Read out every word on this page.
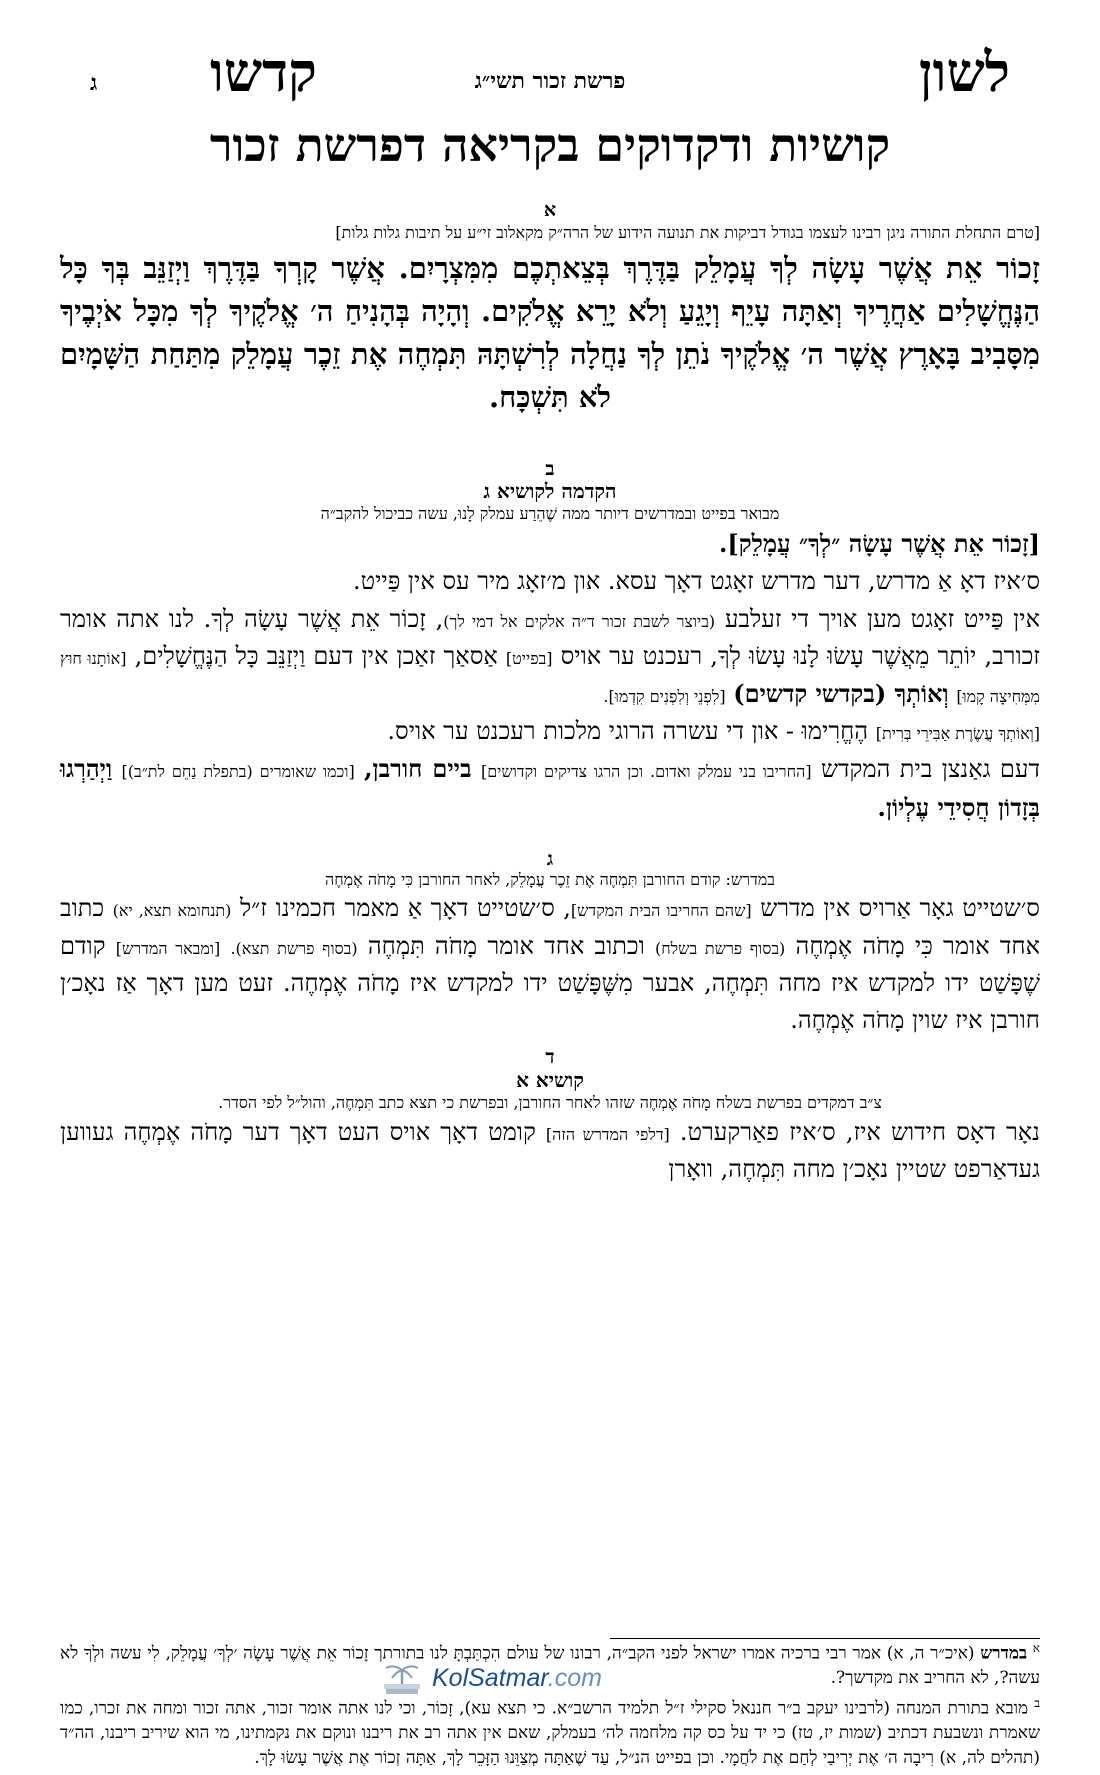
לשון
פרשת זכור תשי״ג
קדשו
ג
קושיות ודקדוקים בקריאה דפרשת זכור
א
[טרם התחלת התורה ניגן רבינו לעצמו בגודל דביקות את תנועה הידוע של הרה״ק מקאלוב זי״ע על תיבות גלות גלות]

זָכוֹר אֵת אֲשֶׁר עָשָׂה לְךָ עֲמָלֵק בַּדֶּרֶךְ בְּצֵאתְכֶם מִמִּצְרָיִם. אֲשֶׁר קָרְךָ בַּדֶּרֶךְ וַיְזַנֵּב בְּךָ כָּל הַנֶּחֱשָׁלִים אַחֲרֶיךָ וְאַתָּה עָיֵף וְיָגֵעַ וְלֹא יָרֵא אֱלֹקִים. וְהָיָה בְּהָנִיחַ ה׳ אֱלֹקֶיךָ לְךָ מִכָּל אֹיְבֶיךָ מִסָּבִיב בָּאָרֶץ אֲשֶׁר ה׳ אֱלֹקֶיךָ נֹתֵן לְךָ נַחֲלָה לְרִשְׁתָּהּ תִּמְחֶה אֶת זֵכֶר עֲמָלֵק מִתַּחַת הַשָּׁמָיִם לֹא תִּשְׁכָּח.

ב
הקדמה לקושיא ג
מבואר בפייט ובמדרשים דיותר ממה שֶׁהֵרַע עמלק לָנוּ, עשה כביכול להקב״ה

[זָכוֹר אֵת אֲשֶׁר עָשָׂה ״לְךָ״ עֲמָלֵק].

ס׳איז דאָ אַ מדרש, דער מדרש זאָגט דאָך עסא. און מ׳זאָג מיר עס אין פַּייט.

אין פַּייט זאָגט מען אויך די זעלבע (ביוצר לשבת זכור ד״ה אלקים אל דמי לך), זָכוֹר אֵת אֲשֶׁר עָשָׂה לְךָ. לנו אתה אומר זכורב, יוֹתֵר מֵאֲשֶׁר עָשׂוּ לָנוּ עָשׂוּ לְךָ, רעכנט ער אויס [בפייט] אַסאַך זאַכן אין דעם וַיְזַנֵּב כָּל הַנֶּחֱשָׁלִים, [אוֹתָנוּ חוּץ מִמְּחִיצָה קָמוּ] וְאוֹתְךָ (בקדשי קדשים) [לִפְנֵי וְלִפְנִים קִדְמוּ].

[וְאוֹתְךָ עֲשֶׂרֶת אַבִּירֵי בְּרִית] הֶחֱרִימוּ - און די עשרה הרוגי מלכות רעכנט ער אויס.

דעם גאַנצן בית המקדש [החריבו בני עמלק ואדום. וכן הרגו צדיקים וקדושים] ביים חורבן, [וכמו שאומרים (בתפלת נַחֵם לת״ב)] וַיְהַרְגוּ בְּזָדוֹן חֲסִידֵי עֶלְיוֹן.

ג
במדרש: קודם החורבן תִּמְחֶה אֶת זֵכֶר עֲמָלֵק, לאחר החורבן כִּי מָחֹה אֶמְחֶה

ס׳שטייט גאָר אַרויס אין מדרש [שהם החריבו הבית המקדש], ס׳שטייט דאָך אַ מאמר חכמינו ז״ל (תנחומא תצא, יא) כתוב אחד אומר כִּי מָחֹה אֶמְחֶה (בסוף פרשת בשלח) וכתוב אחד אומר מָחֹה תִּמְחֶה (בסוף פרשת תצא). [ומבאר המדרש] קודם שֶׁפָּשַׁט ידו למקדש איז מחה תִּמְחֶה, אבער מִשֶּׁפָּשַׁט ידו למקדש איז מָחֹה אֶמְחֶה. זעט מען דאָך אַז נאָכ׳ן חורבן איז שוין מָחֹה אֶמְחֶה.

ד
קושיא א
צ״ב דמקדים בפרשת בשלח מָחֹה אֶמְחֶה שזהו לאחר החורבן, ובפרשת כי תצא כתב תִּמְחֶה, והול״ל לפי הסדר.

נאָר דאָס חידוש איז, ס׳איז פאַרקערט. [דלפי המדרש הזה] קומט דאָך אויס העט דאָך דער מָחֹה אֶמְחֶה געווען געדאַרפט שטיין נאָכ׳ן מחה תִּמְחֶה, וואָרן

$^א$ במדרש (איכ״ר ה, א) אמר רבי ברכיה אמרו ישראל לפני הקב״ה, רבונו של עולם הִכְתַּבְתָּ לנו בתורתך זָכוֹר אֵת אֲשֶׁר עָשָׂה ׳לְךָ׳ עֲמָלֵק, לִי עשה ולְךָ לא עשה?, לא החריב את מקדשך?.

$^ב$ מובא בתורת המנחה (לרבינו יעקב ב״ר חננאל סקילי ז״ל תלמיד הרשב״א. כי תצא עא), זָכוֹר, וכי לנו אתה אומר זכור, אתה זכור ומחה את זכרו, כמו שאמרת ונשבעת דכתיב (שמות יז, טז) כי יד על כס קה מלחמה לה׳ בעמלק, שאם אין אתה רב את ריבנו ונוקם את נקמתינו, מי הוא שיריב ריבנו, הה״ד (תהלים לה, א) רִיבָה ה׳ אֶת יְרִיבַי לְחַם אֶת לֹחֲמָי. וכן בפייט הנ״ל, עַד שֶׁאַתָּה מְצַוֵּנוּ הַזָּכֵר לָךְ, אַתָּה זְכוֹר אֶת אֲשֶׁר עָשׂוּ לָךְ.

KolSatmar.com
